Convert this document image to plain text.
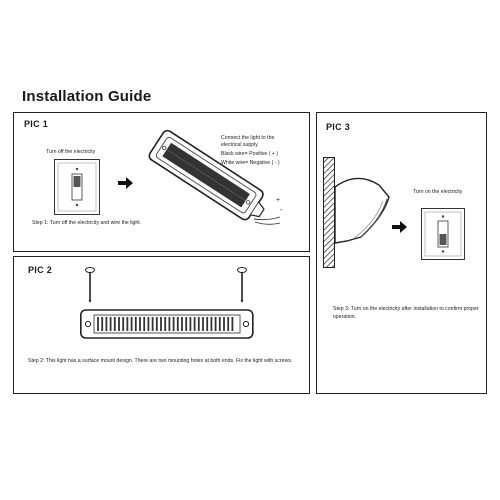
Installation Guide
PIC 1
Turn off the electricity
Connect the light to the
electrical supply
Black wire= Positive ( + )
White wire= Negative ( - )
+
-
Step 1: Turn off the electricity and wire the light.
PIC 2
Step 2: This light has a surface mount design. There are two mounting holes at both ends. Fix the light with screws.
PIC 3
Turn on the electricity
Step 3: Turn on the electricity after installation to confirm proper operation.
